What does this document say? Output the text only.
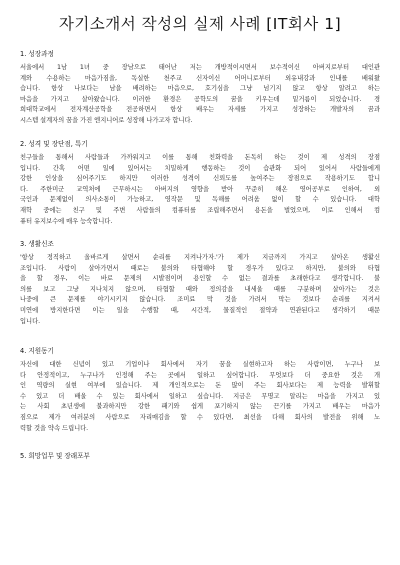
자기소개서 작성의 실제 사례 [IT회사 1]
1. 성장과정
서울에서 1남 1녀 중 장남으로 태어난 저는 개방적이시면서 보수적이신 아버지로부터 대인관
계와 수용하는 마음가짐을, 독실한 천주교 신자이신 어머니로부터 외유내강과 인내를 배워왔
습니다. 항상 나보다는 남을 배려하는 마음으로, 호기심을 그냥 넘기지 않고 항상 알려고 하는
마음을 가지고 살아왔습니다. 이러한 환경은 공학도의 꿈을 키우는데 밑거름이 되었습니다. 경
희대학교에서 전자계산공학을 전공하면서 항상 배우는 자세를 가지고 성장하는 개발자의 꿈과
시스템 설계자의 꿈을 가진 엔지니어로 성장해 나가고자 합니다.
2. 성격 및 장단점, 특기
친구들을 통해서 사람들과 가까워지고 이를 통해 친화력을 돈독히 하는 것이 제 성격의 장점
입니다. 간혹 어떤 일에 있어서는 치밀하게 행동하는 것이 습관화 되어 있어서 사람들에게
강한 인상을 심어주기도 하지만 이러한 성격이 신뢰도를 높여주는 장점으로 작용하기도 합니
다. 주한미군 교역처에 근무하시는 아버지의 영향을 받아 꾸준히 해온 영어공부로 인하여, 외
국인과 문제없이 의사소통이 가능하고, 영작문 및 독해를 어려움 없이 할 수 있습니다. 대학
재학 중에는 친구 및 주변 사람들의 컴퓨터를 조립해주면서 용돈을 벌었으며, 이로 인해서 컴
퓨터 유지보수에 매우 능숙합니다.
3. 생활신조
'항상 정직하고 올바르게 살면서 순리를 지켜나가자.'가 제가 지금까지 가지고 살아온 생활신
조입니다. 사람이 살아가면서 때로는 불의와 타협해야 할 경우가 있다고 하지만, 불의와 타협
을 할 경우, 이는 바로 문제의 시발점이며 용인할 수 없는 결과를 초래한다고 생각합니다. 불
의를 보고 그냥 지나치지 않으며, 타협할 때와 정의감을 내세울 때를 구분하며 살아가는 것은
나중에 큰 문제를 야기시키지 않습니다. 조미료 막 것을 가려서 막는 것보다 순리를 지켜서
미연에 방지한다면 이는 일을 수행할 때, 시간적, 물질적인 절약과 연관된다고 생각하기 때문
입니다.
4. 지원동기
자신에 대한 신념이 있고 기업이나 회사에서 자기 꿈을 실현하고자 하는 사람이면, 누구나 보
다 안정적이고, 누구나가 인정해 주는 곳에서 일하고 싶어합니다. 무엇보다 더 중요한 것은 개
인 역량의 실현 여부에 있습니다. 제 개인적으로는 돈 많이 주는 회사보다는 제 능력을 발휘할
수 있고 더 배울 수 있는 회사에서 일하고 싶습니다. 지금은 무명고 알리는 마음을 가지고 있
는 사회 초년생에 불과하지만 강한 패기와 쉽게 포기하지 않는 끈기를 가지고 배우는 마음가
짐으로 제가 여러분의 사람으로 자리매김을 할 수 있다면, 최선을 다해 회사의 발전을 위해 노
력할 것을 약속 드립니다.
5. 희망업무 및 장래포부
